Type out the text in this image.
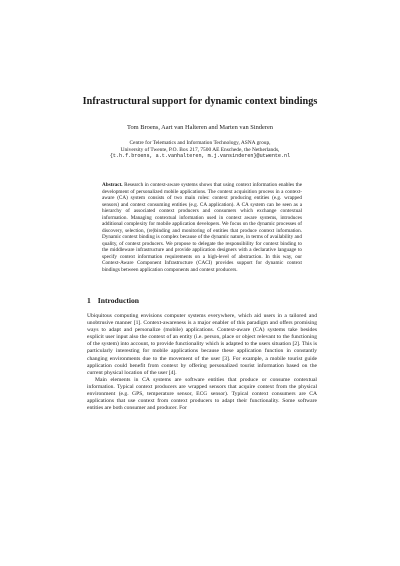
Infrastructural support for dynamic context bindings
Tom Broens, Aart van Halteren and Marten van Sinderen
Centre for Telematics and Information Technology, ASNA group,
University of Twente, P.O. Box 217, 7500 AE Enschede, the Netherlands,
{t.h.f.broens, a.t.vanhalteren, m.j.vansinderen}@utwente.nl
Abstract. Research in context-aware systems shows that using context information enables the development of personalized mobile applications. The context acquisition process in a context-aware (CA) system consists of two main roles: context producing entities (e.g. wrapped sensors) and context consuming entities (e.g. CA application). A CA system can be seen as a hierarchy of associated context producers and consumers which exchange contextual information. Managing contextual information used in context aware systems, introduces additional complexity for mobile application developers. We focus on the dynamic processes of discovery, selection, (re)binding and monitoring of entities that produce context information. Dynamic context binding is complex because of the dynamic nature, in terms of availability and quality, of context producers. We propose to delegate the responsibility for context binding to the middleware infrastructure and provide application designers with a declarative language to specify context information requirements on a high-level of abstraction. In this way, our Context-Aware Component Infrastructure (CACI) provides support for dynamic context bindings between application components and context producers.
1 Introduction

Ubiquitous computing envisions computer systems everywhere, which aid users in a tailored and unobtrusive manner [1]. Context-awareness is a major enabler of this paradigm and offers promising ways to adapt and personalize (mobile) applications. Context-aware (CA) systems take besides explicit user input also the context of an entity (i.e. person, place or object relevant to the functioning of the system) into account, to provide functionality which is adapted to the users situation [2]. This is particularly interesting for mobile applications because these application function in constantly changing environments due to the movement of the user [3]. For example, a mobile tourist guide application could benefit from context by offering personalized tourist information based on the current physical location of the user [4].

Main elements in CA systems are software entities that produce or consume contextual information. Typical context producers are wrapped sensors that acquire context from the physical environment (e.g. GPS, temperature sensor, ECG sensor). Typical context consumers are CA applications that use context from context producers to adapt their functionality. Some software entities are both consumer and producer. For
